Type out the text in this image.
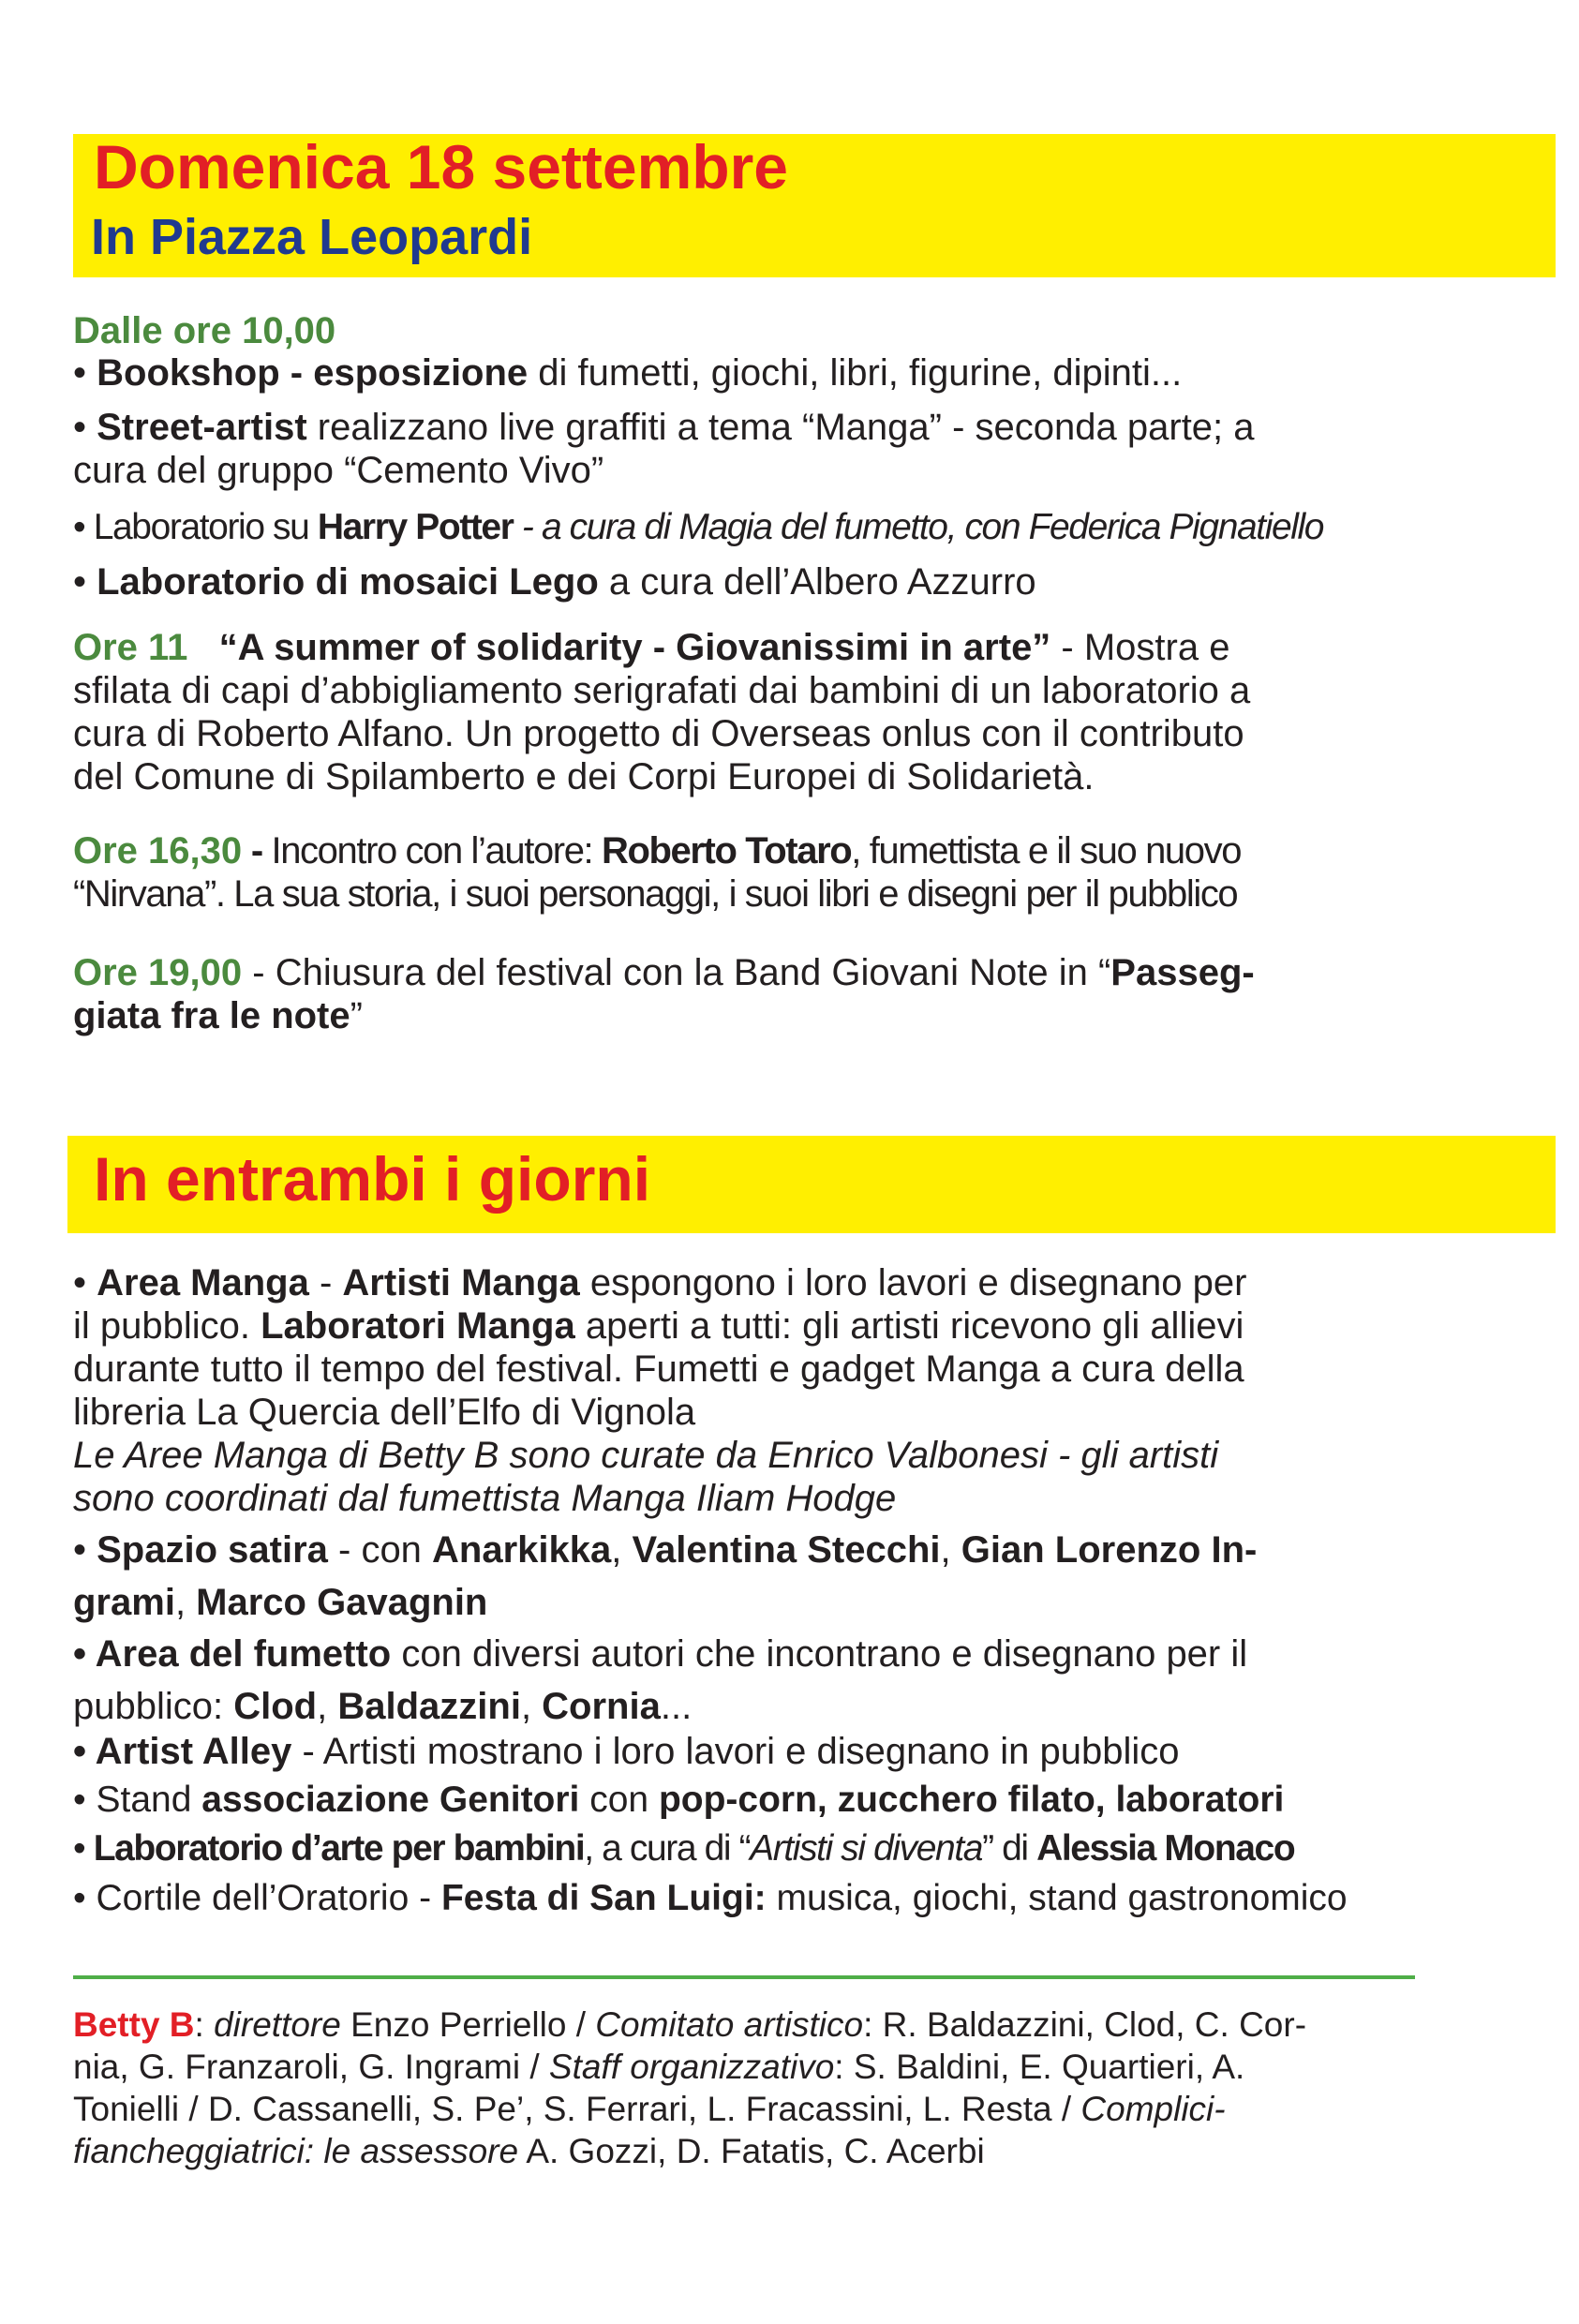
Domenica 18 settembre
In Piazza Leopardi
Dalle ore 10,00
• Bookshop - esposizione di fumetti, giochi, libri, figurine, dipinti...
• Street-artist realizzano live graffiti a tema “Manga” - seconda parte; a
cura del gruppo “Cemento Vivo”
• Laboratorio su Harry Potter - a cura di Magia del fumetto, con Federica Pignatiello
• Laboratorio di mosaici Lego a cura dell’Albero Azzurro
Ore 11 “A summer of solidarity - Giovanissimi in arte” - Mostra e
sfilata di capi d’abbigliamento serigrafati dai bambini di un laboratorio a
cura di Roberto Alfano. Un progetto di Overseas onlus con il contributo
del Comune di Spilamberto e dei Corpi Europei di Solidarietà.
Ore 16,30 - Incontro con l’autore: Roberto Totaro, fumettista e il suo nuovo
“Nirvana”. La sua storia, i suoi personaggi, i suoi libri e disegni per il pubblico
Ore 19,00 - Chiusura del festival con la Band Giovani Note in “Passeg-
giata fra le note”
In entrambi i giorni
• Area Manga - Artisti Manga espongono i loro lavori e disegnano per
il pubblico. Laboratori Manga aperti a tutti: gli artisti ricevono gli allievi
durante tutto il tempo del festival. Fumetti e gadget Manga a cura della
libreria La Quercia dell’Elfo di Vignola
Le Aree Manga di Betty B sono curate da Enrico Valbonesi - gli artisti
sono coordinati dal fumettista Manga Iliam Hodge
• Spazio satira - con Anarkikka, Valentina Stecchi, Gian Lorenzo In-
grami, Marco Gavagnin
• Area del fumetto con diversi autori che incontrano e disegnano per il
pubblico: Clod, Baldazzini, Cornia...
• Artist Alley - Artisti mostrano i loro lavori e disegnano in pubblico
• Stand associazione Genitori con pop-corn, zucchero filato, laboratori
• Laboratorio d’arte per bambini, a cura di “Artisti si diventa” di Alessia Monaco
• Cortile dell’Oratorio - Festa di San Luigi: musica, giochi, stand gastronomico
Betty B: direttore Enzo Perriello / Comitato artistico: R. Baldazzini, Clod, C. Cor-
nia, G. Franzaroli, G. Ingrami / Staff organizzativo: S. Baldini, E. Quartieri, A.
Tonielli / D. Cassanelli, S. Pe’, S. Ferrari, L. Fracassini, L. Resta / Complici-
fiancheggiatrici: le assessore A. Gozzi, D. Fatatis, C. Acerbi
